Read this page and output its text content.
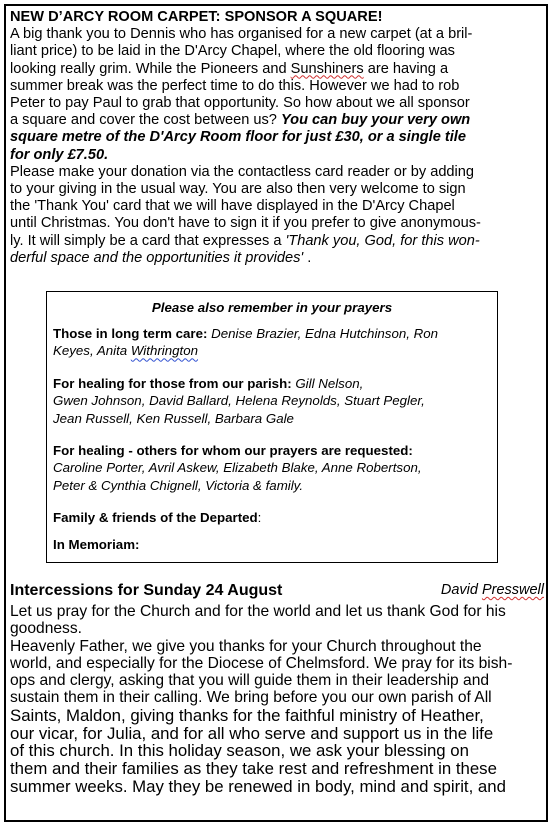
NEW D’ARCY ROOM CARPET: SPONSOR A SQUARE!
A big thank you to Dennis who has organised for a new carpet (at a bril-
liant price) to be laid in the D'Arcy Chapel, where the old flooring was
looking really grim. While the Pioneers and Sunshiners are having a
summer break was the perfect time to do this. However we had to rob
Peter to pay Paul to grab that opportunity. So how about we all sponsor
a square and cover the cost between us? You can buy your very own
square metre of the D'Arcy Room floor for just £30, or a single tile
for only £7.50.
Please make your donation via the contactless card reader or by adding
to your giving in the usual way. You are also then very welcome to sign
the 'Thank You' card that we will have displayed in the D'Arcy Chapel
until Christmas. You don't have to sign it if you prefer to give anonymous-
ly. It will simply be a card that expresses a 'Thank you, God, for this won-
derful space and the opportunities it provides' .
Please also remember in your prayers
Those in long term care: Denise Brazier, Edna Hutchinson, Ron
Keyes, Anita Withrington
For healing for those from our parish: Gill Nelson,
Gwen Johnson, David Ballard, Helena Reynolds, Stuart Pegler,
Jean Russell, Ken Russell, Barbara Gale
For healing - others for whom our prayers are requested:
Caroline Porter, Avril Askew, Elizabeth Blake, Anne Robertson,
Peter & Cynthia Chignell, Victoria & family.
Family & friends of the Departed:
In Memoriam:
Intercessions for Sunday 24 August	David Presswell
Let us pray for the Church and for the world and let us thank God for his
goodness.
Heavenly Father, we give you thanks for your Church throughout the
world, and especially for the Diocese of Chelmsford. We pray for its bish-
ops and clergy, asking that you will guide them in their leadership and
sustain them in their calling. We bring before you our own parish of All
Saints, Maldon, giving thanks for the faithful ministry of Heather,
our vicar, for Julia, and for all who serve and support us in the life
of this church. In this holiday season, we ask your blessing on
them and their families as they take rest and refreshment in these
summer weeks. May they be renewed in body, mind and spirit, and
